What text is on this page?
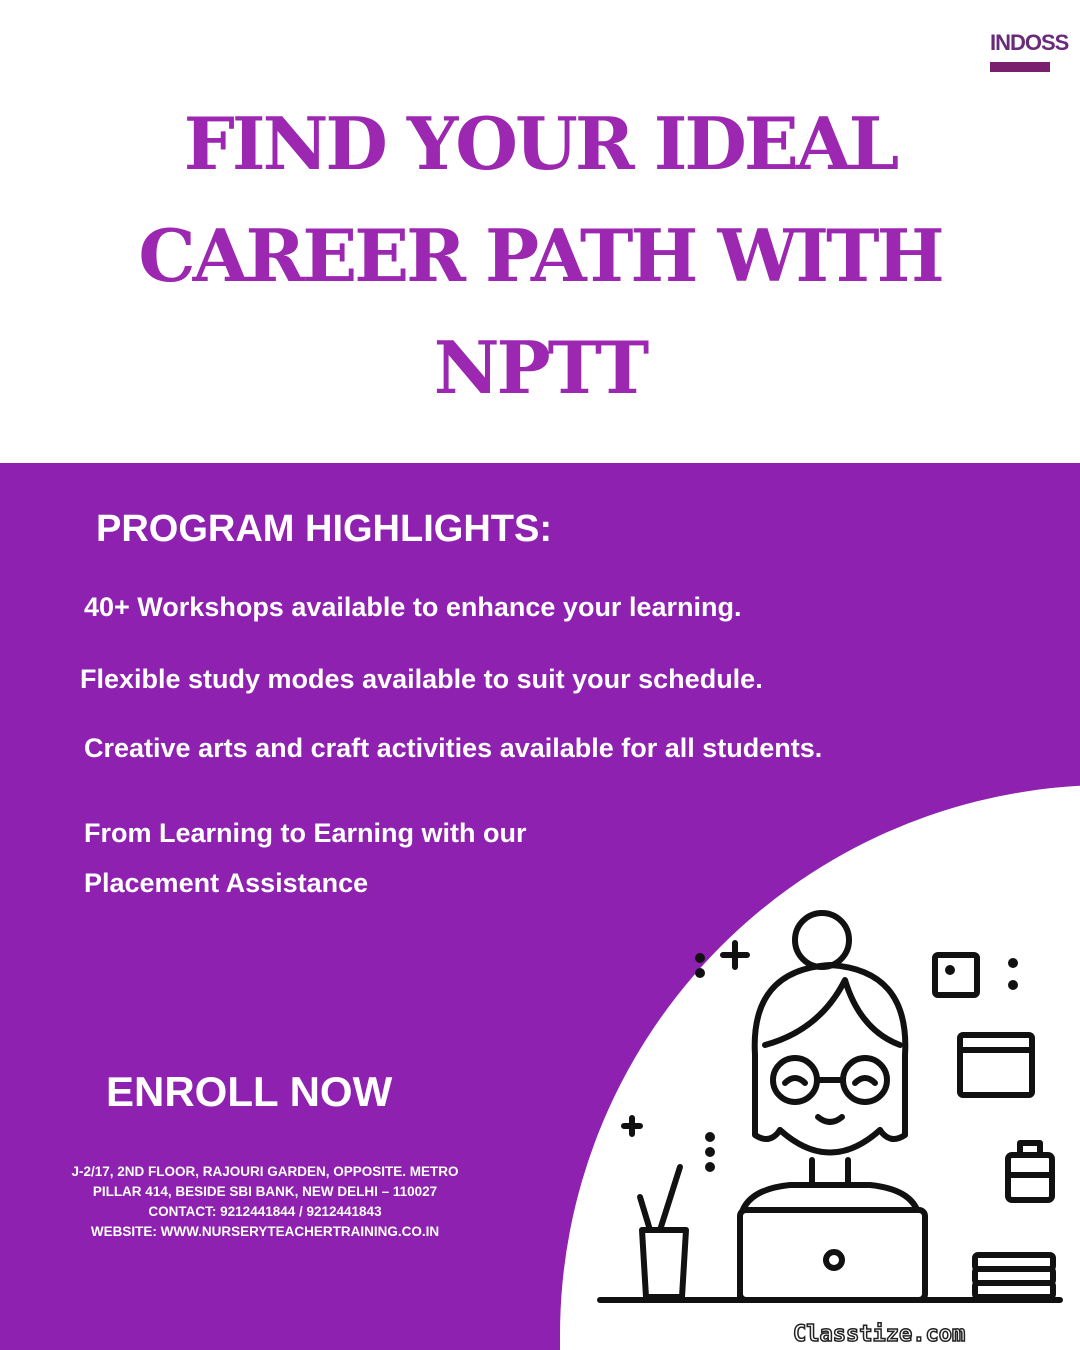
INDOSS
FIND YOUR IDEAL
CAREER PATH WITH
NPTT
PROGRAM HIGHLIGHTS:
40+ Workshops available to enhance your learning.
Flexible study modes available to suit your schedule.
Creative arts and craft activities available for all students.
From Learning to Earning with our
Placement Assistance
ENROLL NOW
J-2/17, 2ND FLOOR, RAJOURI GARDEN, OPPOSITE. METRO
PILLAR 414, BESIDE SBI BANK, NEW DELHI – 110027
CONTACT: 9212441844 / 9212441843
WEBSITE: WWW.NURSERYTEACHERTRAINING.CO.IN
Classtize.com
